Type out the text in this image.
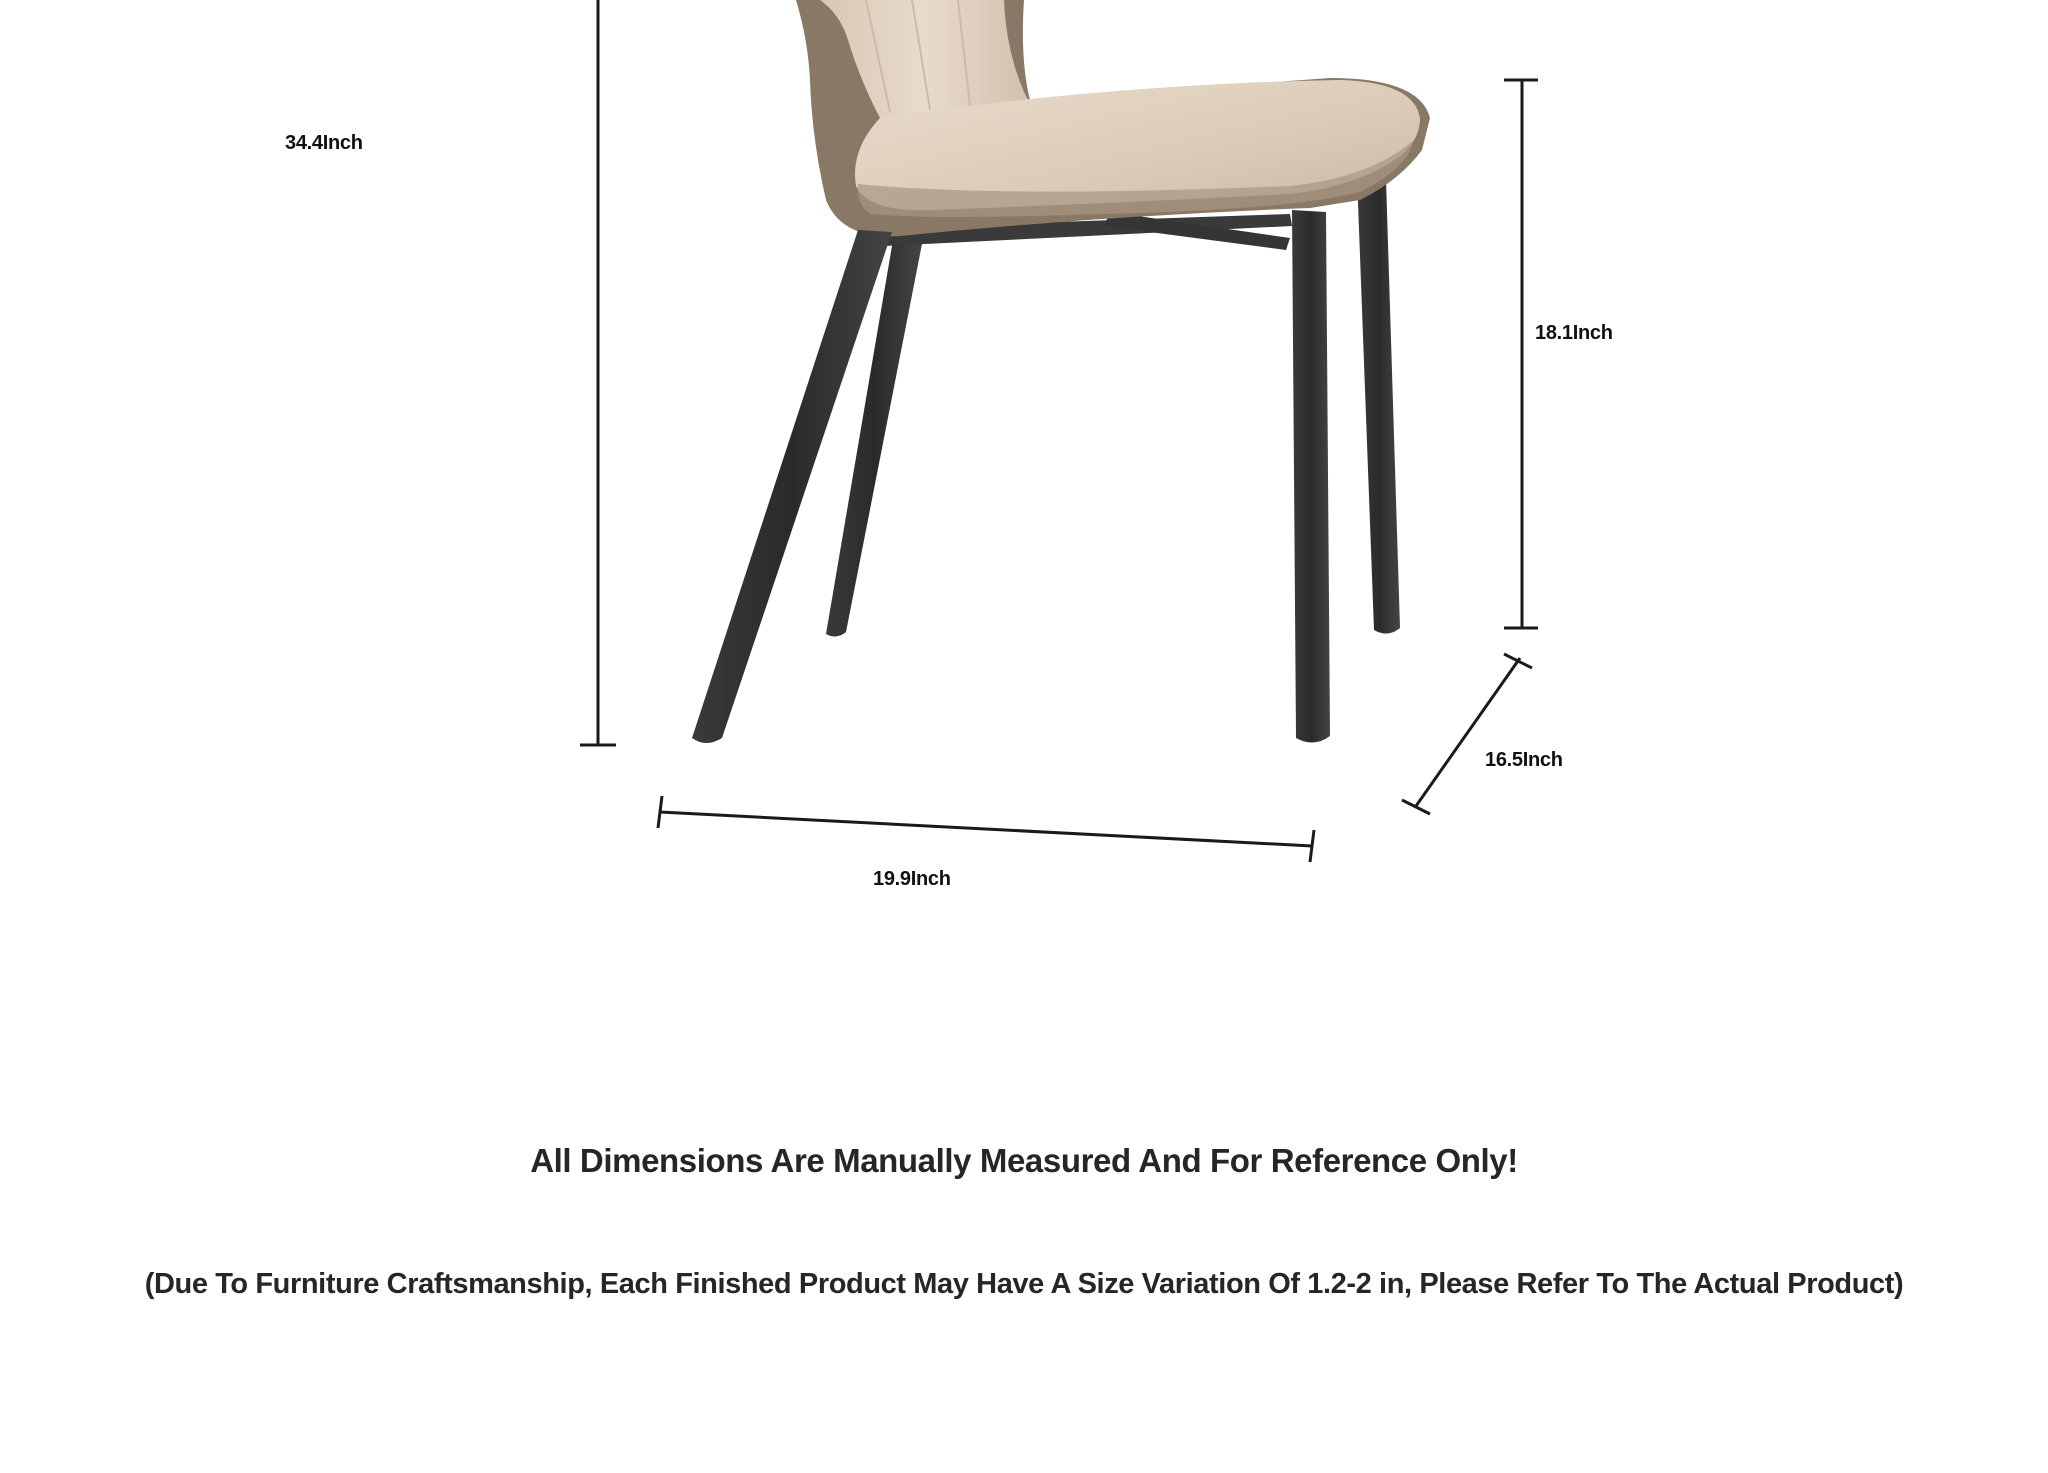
34.4Inch
18.1Inch
16.5Inch
19.9Inch
All Dimensions Are Manually Measured And For Reference Only!
(Due To Furniture Craftsmanship, Each Finished Product May Have A Size Variation Of 1.2-2 in, Please Refer To The Actual Product)
